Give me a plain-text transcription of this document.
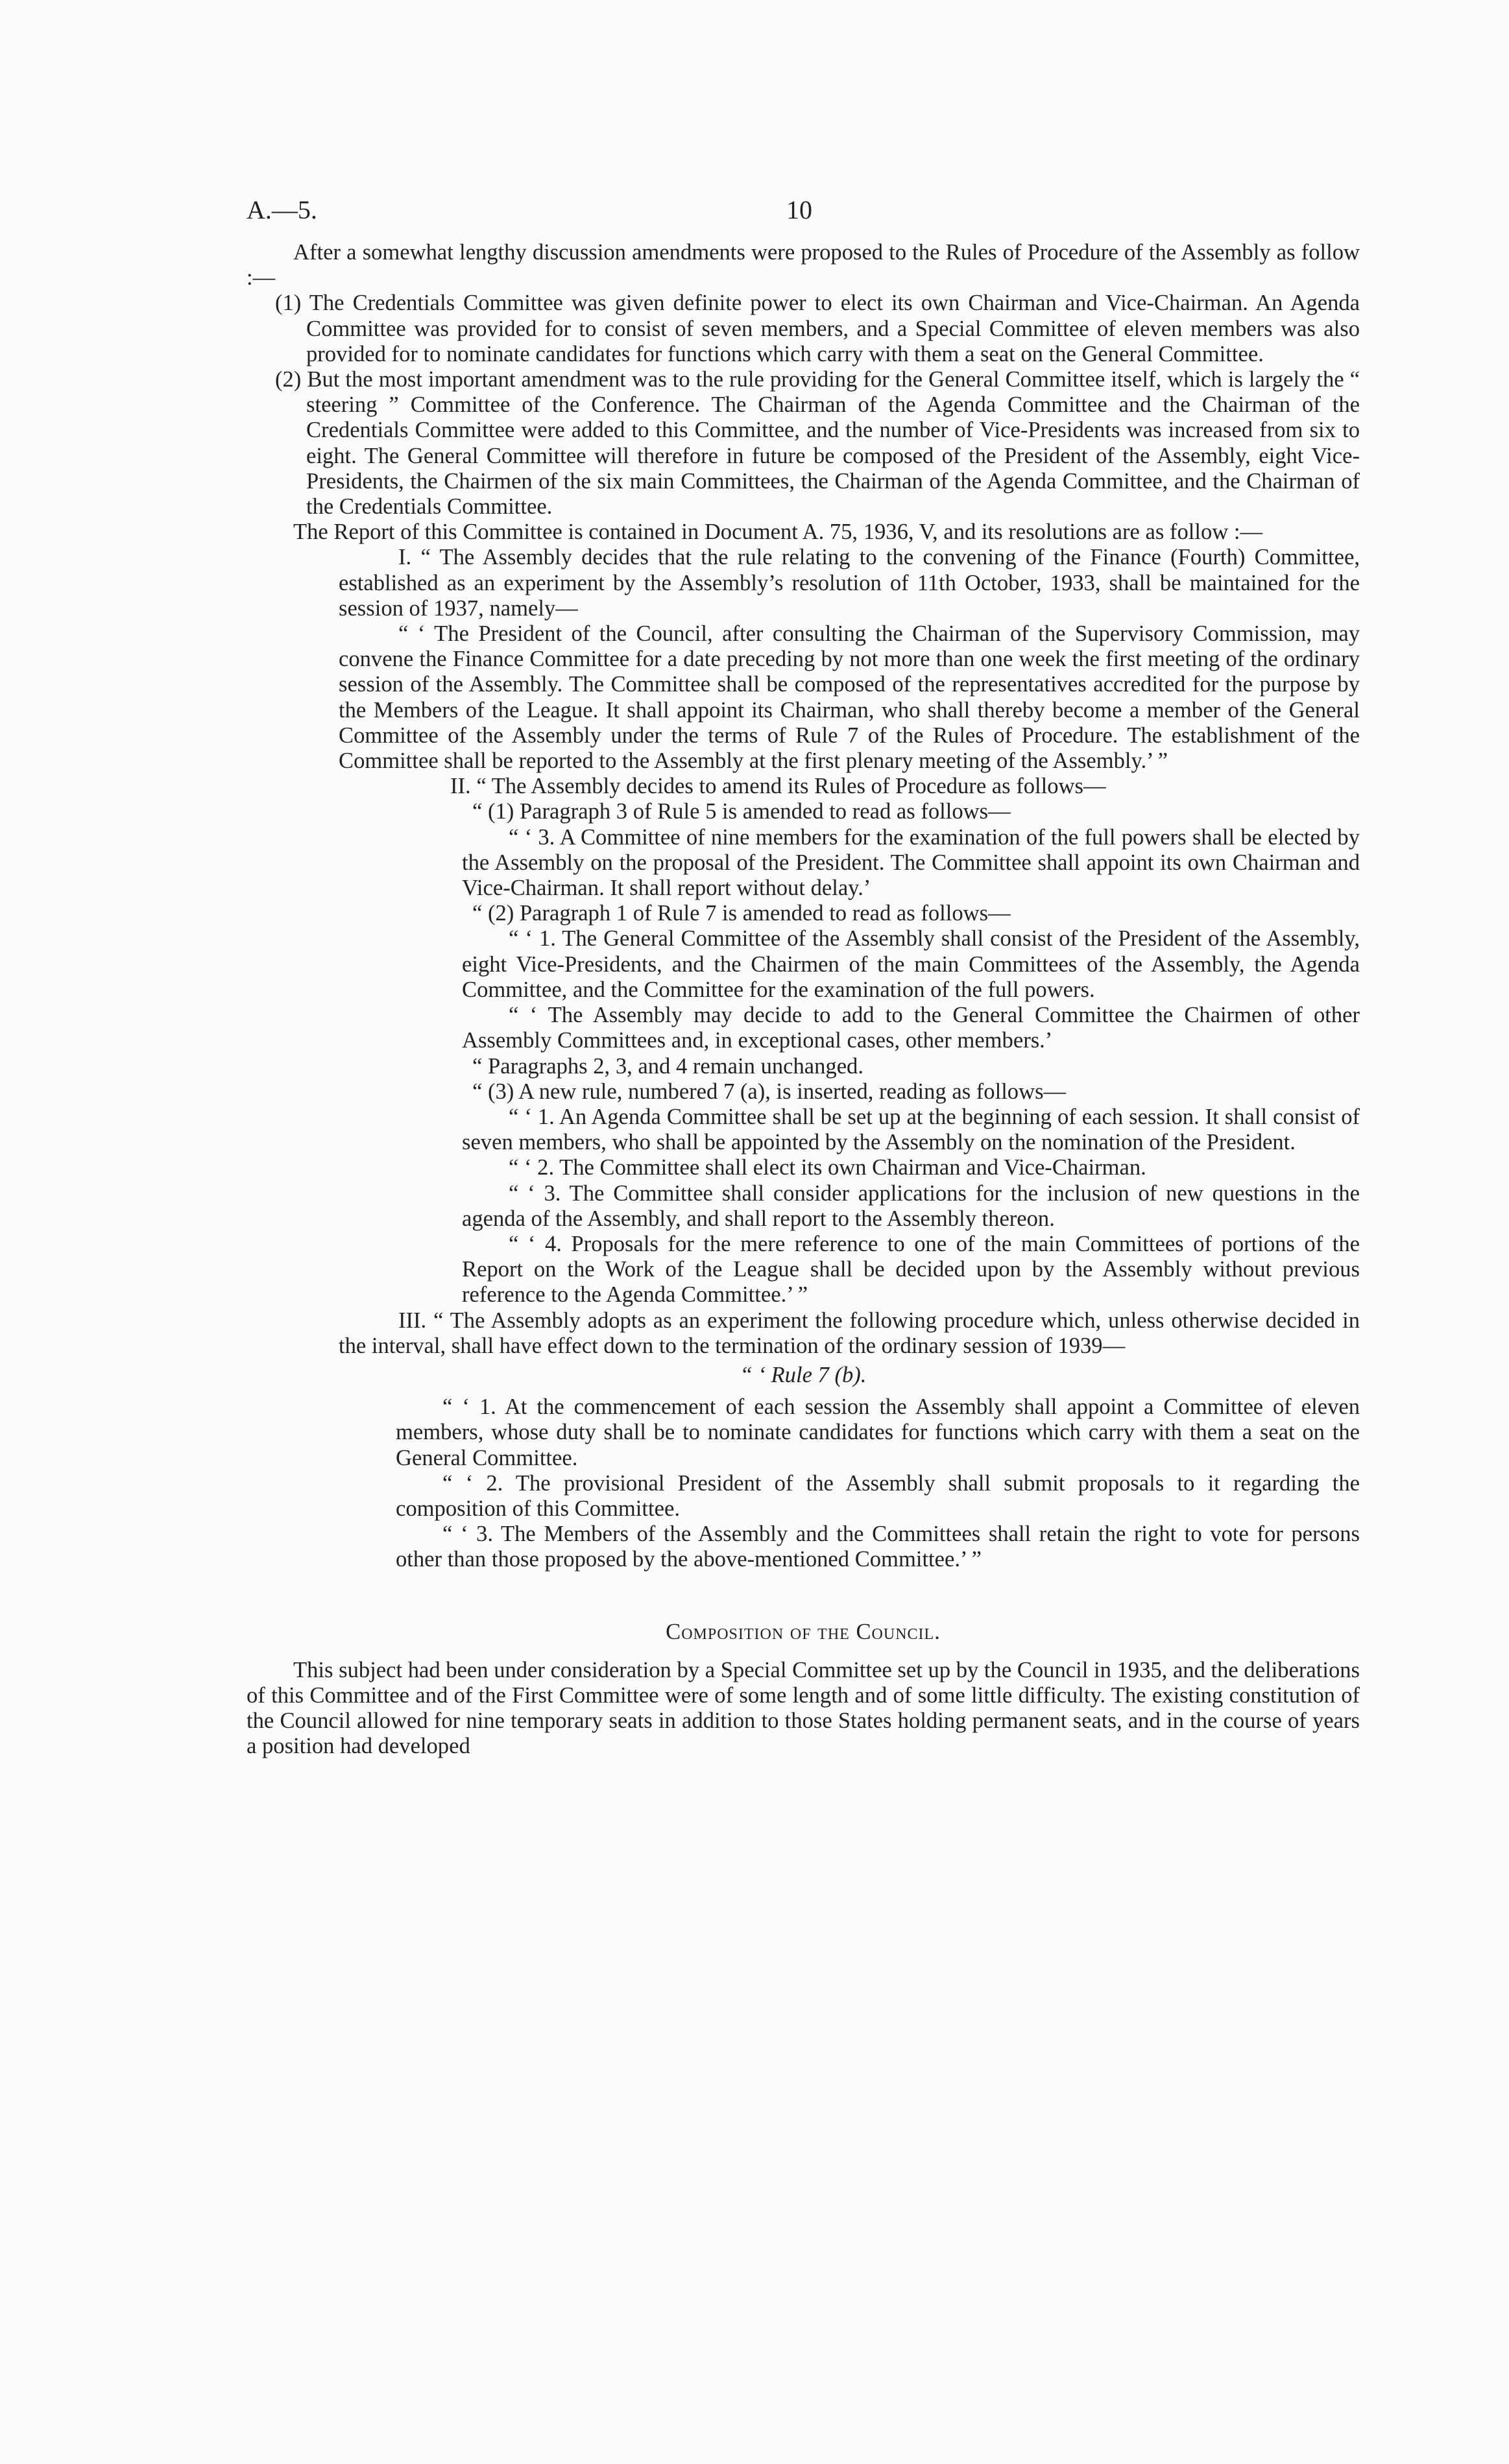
A.—5.	10

After a somewhat lengthy discussion amendments were proposed to the Rules of Procedure of the Assembly as follow :—

(1) The Credentials Committee was given definite power to elect its own Chairman and Vice-Chairman. An Agenda Committee was provided for to consist of seven members, and a Special Committee of eleven members was also provided for to nominate candidates for functions which carry with them a seat on the General Committee.

(2) But the most important amendment was to the rule providing for the General Committee itself, which is largely the “ steering ” Committee of the Conference. The Chairman of the Agenda Committee and the Chairman of the Credentials Committee were added to this Committee, and the number of Vice-Presidents was increased from six to eight. The General Committee will therefore in future be composed of the President of the Assembly, eight Vice-Presidents, the Chairmen of the six main Committees, the Chairman of the Agenda Committee, and the Chairman of the Credentials Committee.

The Report of this Committee is contained in Document A. 75, 1936, V, and its resolutions are as follow :—

I. “ The Assembly decides that the rule relating to the convening of the Finance (Fourth) Committee, established as an experiment by the Assembly’s resolution of 11th October, 1933, shall be maintained for the session of 1937, namely—

“ ‘ The President of the Council, after consulting the Chairman of the Supervisory Commission, may convene the Finance Committee for a date preceding by not more than one week the first meeting of the ordinary session of the Assembly. The Committee shall be composed of the representatives accredited for the purpose by the Members of the League. It shall appoint its Chairman, who shall thereby become a member of the General Committee of the Assembly under the terms of Rule 7 of the Rules of Procedure. The establishment of the Committee shall be reported to the Assembly at the first plenary meeting of the Assembly.’ ”

II. “ The Assembly decides to amend its Rules of Procedure as follows—

“ (1) Paragraph 3 of Rule 5 is amended to read as follows—

“ ‘ 3. A Committee of nine members for the examination of the full powers shall be elected by the Assembly on the proposal of the President. The Committee shall appoint its own Chairman and Vice-Chairman. It shall report without delay.’

“ (2) Paragraph 1 of Rule 7 is amended to read as follows—

“ ‘ 1. The General Committee of the Assembly shall consist of the President of the Assembly, eight Vice-Presidents, and the Chairmen of the main Committees of the Assembly, the Agenda Committee, and the Committee for the examination of the full powers.

“ ‘ The Assembly may decide to add to the General Committee the Chairmen of other Assembly Committees and, in exceptional cases, other members.’

“ Paragraphs 2, 3, and 4 remain unchanged.

“ (3) A new rule, numbered 7 (a), is inserted, reading as follows—

“ ‘ 1. An Agenda Committee shall be set up at the beginning of each session. It shall consist of seven members, who shall be appointed by the Assembly on the nomination of the President.

“ ‘ 2. The Committee shall elect its own Chairman and Vice-Chairman.

“ ‘ 3. The Committee shall consider applications for the inclusion of new questions in the agenda of the Assembly, and shall report to the Assembly thereon.

“ ‘ 4. Proposals for the mere reference to one of the main Committees of portions of the Report on the Work of the League shall be decided upon by the Assembly without previous reference to the Agenda Committee.’ ”

III. “ The Assembly adopts as an experiment the following procedure which, unless otherwise decided in the interval, shall have effect down to the termination of the ordinary session of 1939—

“ ‘ Rule 7 (b).

“ ‘ 1. At the commencement of each session the Assembly shall appoint a Committee of eleven members, whose duty shall be to nominate candidates for functions which carry with them a seat on the General Committee.

“ ‘ 2. The provisional President of the Assembly shall submit proposals to it regarding the composition of this Committee.

“ ‘ 3. The Members of the Assembly and the Committees shall retain the right to vote for persons other than those proposed by the above-mentioned Committee.’ ”

Composition of the Council.

This subject had been under consideration by a Special Committee set up by the Council in 1935, and the deliberations of this Committee and of the First Committee were of some length and of some little difficulty. The existing constitution of the Council allowed for nine temporary seats in addition to those States holding permanent seats, and in the course of years a position had developed
